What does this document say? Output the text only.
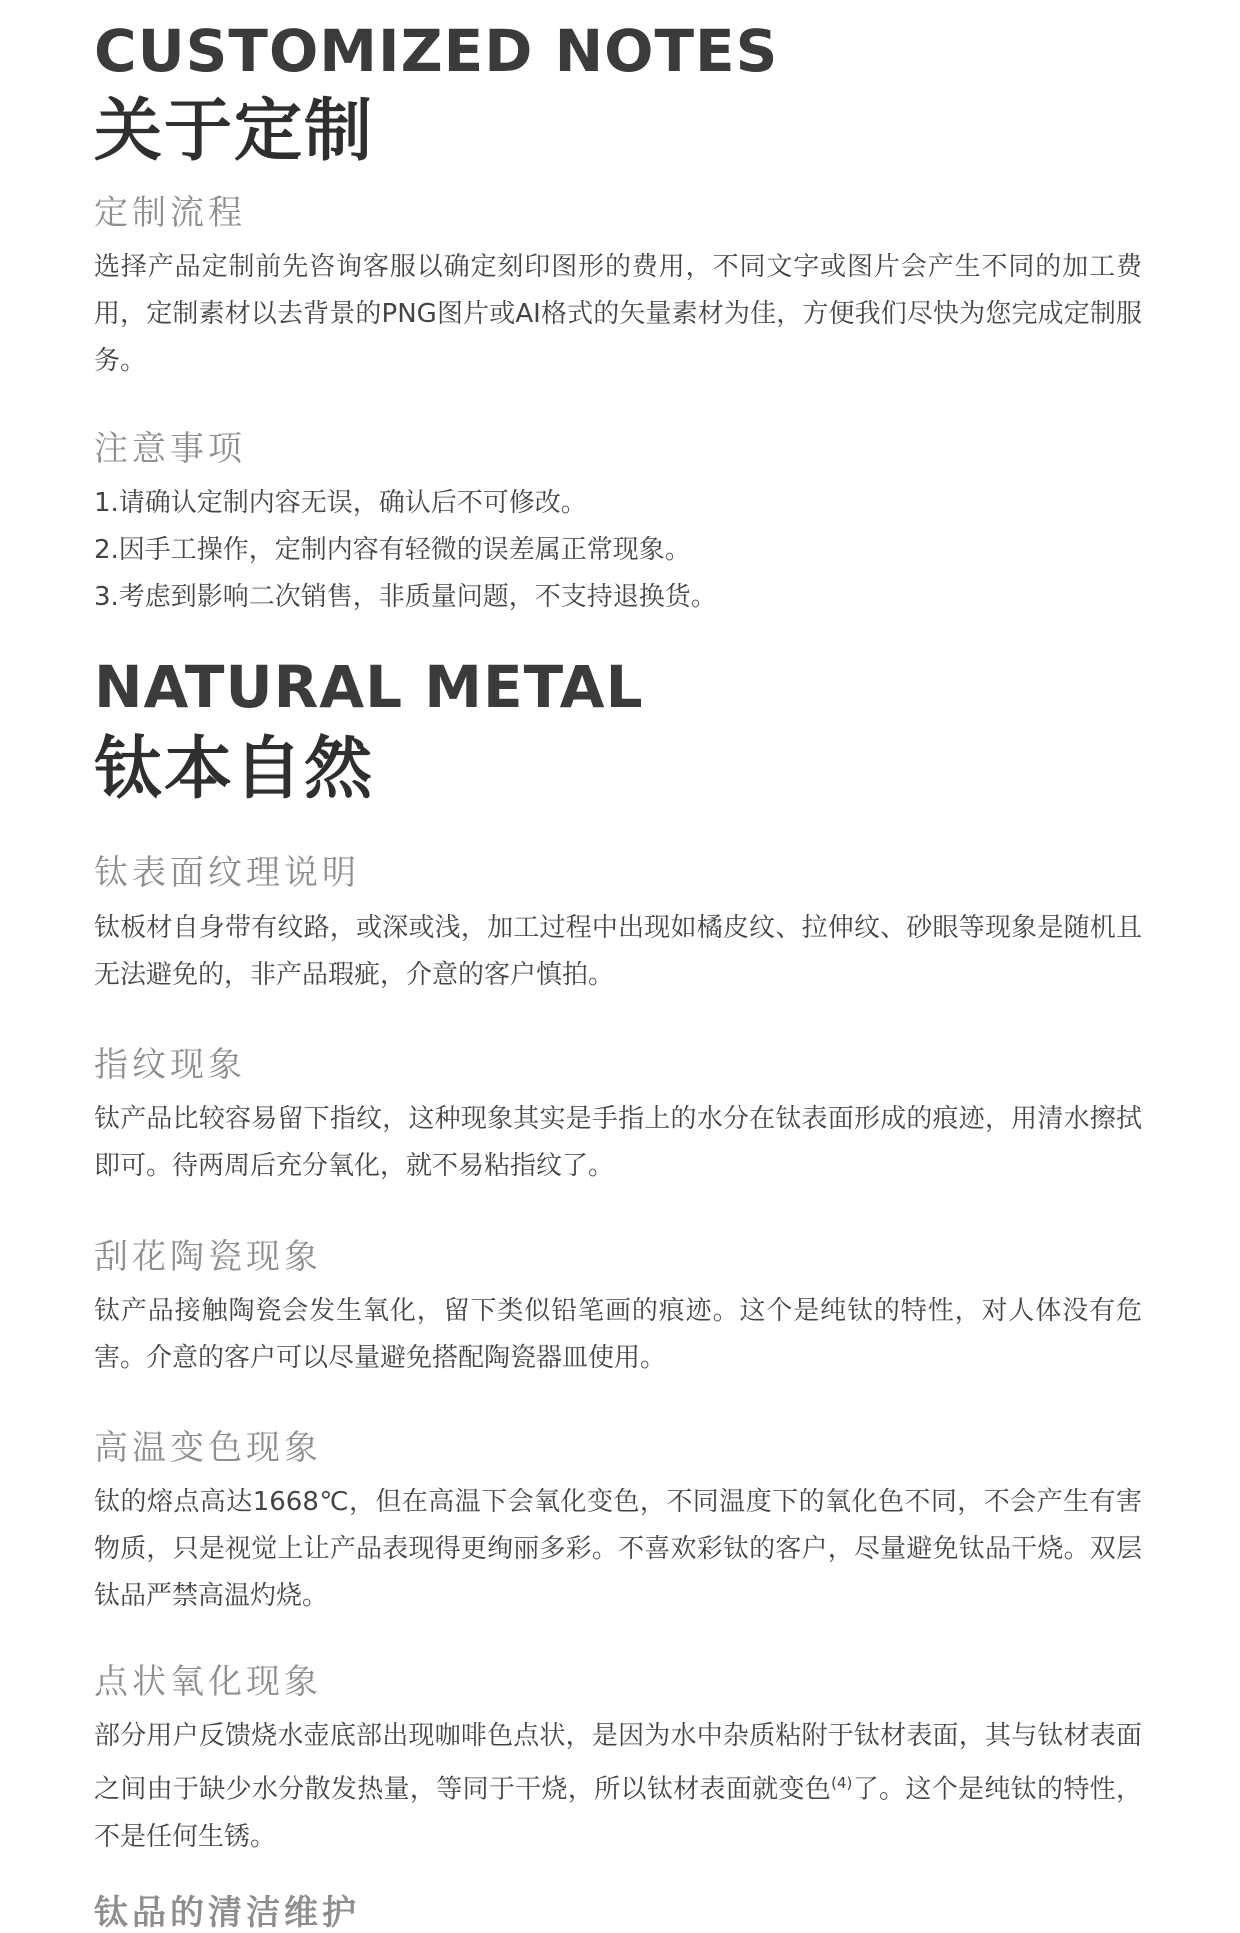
CUSTOMIZED NOTES
关于定制
定制流程

选择产品定制前先咨询客服以确定刻印图形的费用，不同文字或图片会产生不同的加工费用，定制素材以去背景的PNG图片或AI格式的矢量素材为佳，方便我们尽快为您完成定制服务。

注意事项
1.请确认定制内容无误，确认后不可修改。
2.因手工操作，定制内容有轻微的误差属正常现象。
3.考虑到影响二次销售，非质量问题，不支持退换货。
NATURAL METAL
钛本自然
钛表面纹理说明

钛板材自身带有纹路，或深或浅，加工过程中出现如橘皮纹、拉伸纹、砂眼等现象是随机且无法避免的，非产品瑕疵，介意的客户慎拍。

指纹现象

钛产品比较容易留下指纹，这种现象其实是手指上的水分在钛表面形成的痕迹，用清水擦拭即可。待两周后充分氧化，就不易粘指纹了。

刮花陶瓷现象

钛产品接触陶瓷会发生氧化，留下类似铅笔画的痕迹。这个是纯钛的特性，对人体没有危害。介意的客户可以尽量避免搭配陶瓷器皿使用。

高温变色现象

钛的熔点高达1668℃，但在高温下会氧化变色，不同温度下的氧化色不同，不会产生有害物质，只是视觉上让产品表现得更绚丽多彩。不喜欢彩钛的客户，尽量避免钛品干烧。双层钛品严禁高温灼烧。

点状氧化现象

部分用户反馈烧水壶底部出现咖啡色点状，是因为水中杂质粘附于钛材表面，其与钛材表面之间由于缺少水分散发热量，等同于干烧，所以钛材表面就变色$^{(4)}$了。这个是纯钛的特性，不是任何生锈。

钛品的清洁维护
